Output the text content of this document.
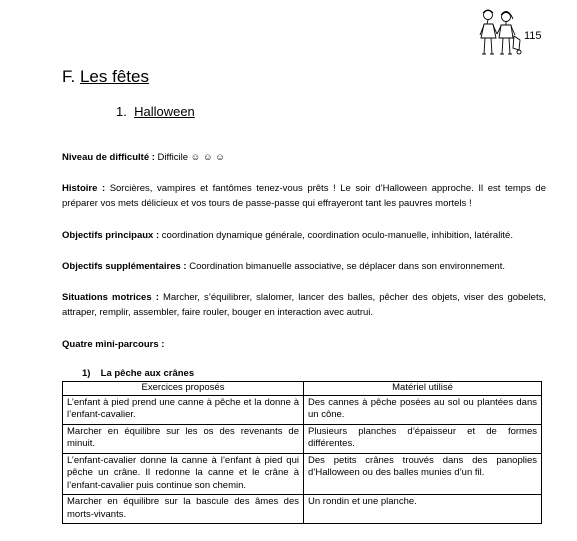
115
F. Les fêtes
1. Halloween
Niveau de difficulté : Difficile ☺ ☺ ☺
Histoire : Sorcières, vampires et fantômes tenez-vous prêts ! Le soir d’Halloween approche. Il est temps de préparer vos mets délicieux et vos tours de passe-passe qui effrayeront tant les pauvres mortels !
Objectifs principaux : coordination dynamique générale, coordination oculo-manuelle, inhibition, latéralité.
Objectifs supplémentaires : Coordination bimanuelle associative, se déplacer dans son environnement.
Situations motrices : Marcher, s’équilibrer, slalomer, lancer des balles, pêcher des objets, viser des gobelets, attraper, remplir, assembler, faire rouler, bouger en interaction avec autrui.
Quatre mini-parcours :
1) La pêche aux crânes
Exercices proposés	Matériel utilisé
L’enfant à pied prend une canne à pêche et la donne à l’enfant-cavalier.	Des cannes à pêche posées au sol ou plantées dans un cône.
Marcher en équilibre sur les os des revenants de minuit.	Plusieurs planches d’épaisseur et de formes différentes.
L’enfant-cavalier donne la canne à l’enfant à pied qui pêche un crâne. Il redonne la canne et le crâne à l’enfant-cavalier puis continue son chemin.	Des petits crânes trouvés dans des panoplies d’Halloween ou des balles munies d’un fil.
Marcher en équilibre sur la bascule des âmes des morts-vivants.	Un rondin et une planche.
